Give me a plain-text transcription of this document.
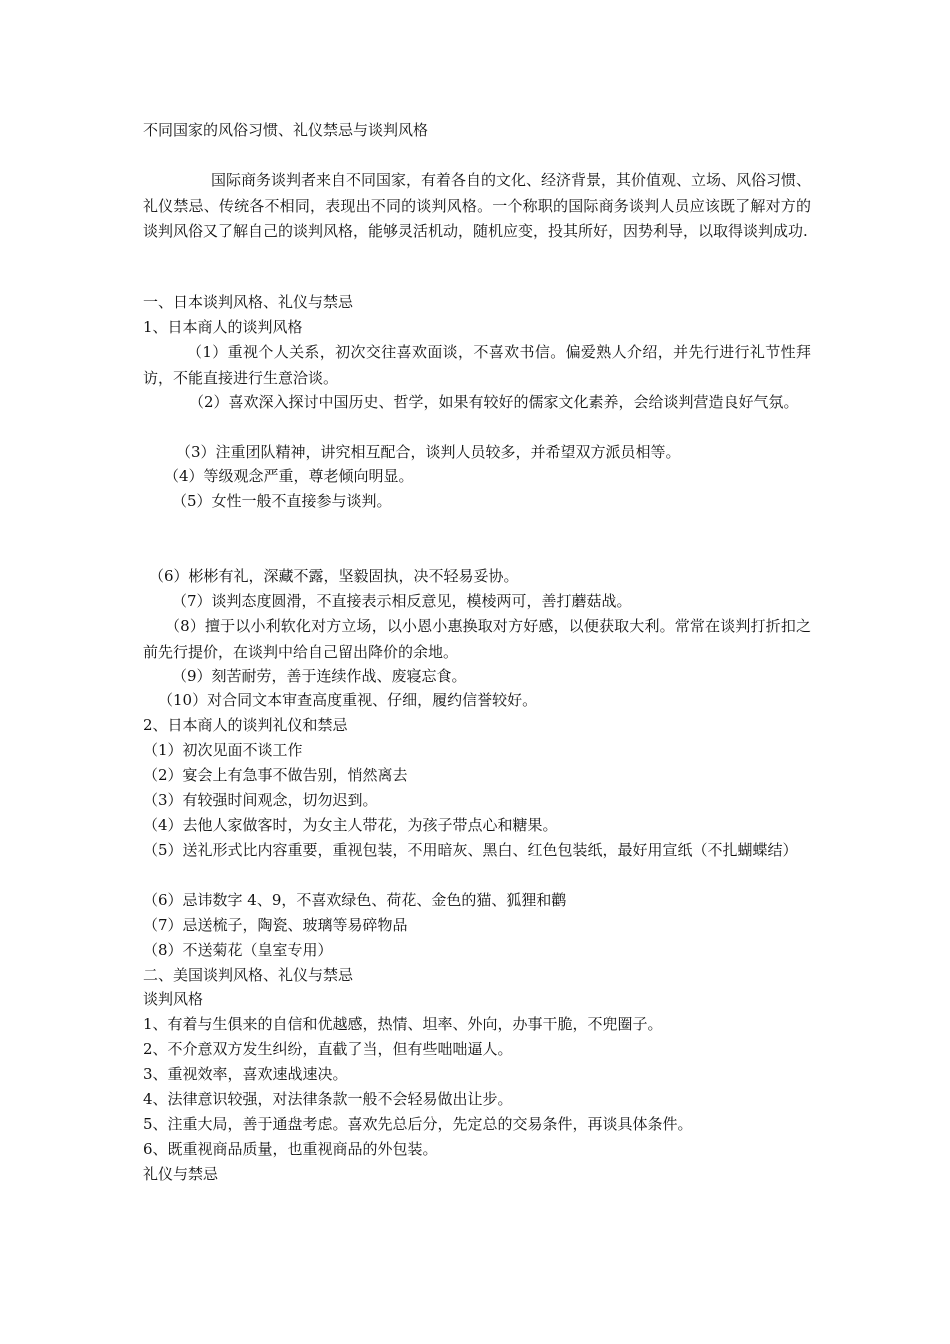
不同国家的风俗习惯、礼仪禁忌与谈判风格
国际商务谈判者来自不同国家，有着各自的文化、经济背景，其价值观、立场、风俗习惯、礼仪禁忌、传统各不相同，表现出不同的谈判风格。一个称职的国际商务谈判人员应该既了解对方的谈判风俗又了解自己的谈判风格，能够灵活机动，随机应变，投其所好，因势利导，以取得谈判成功.
一、日本谈判风格、礼仪与禁忌
1、日本商人的谈判风格
（1）重视个人关系，初次交往喜欢面谈，不喜欢书信。偏爱熟人介绍，并先行进行礼节性拜访，不能直接进行生意洽谈。
（2）喜欢深入探讨中国历史、哲学，如果有较好的儒家文化素养，会给谈判营造良好气氛。
（3）注重团队精神，讲究相互配合，谈判人员较多，并希望双方派员相等。
（4）等级观念严重，尊老倾向明显。
（5）女性一般不直接参与谈判。
（6）彬彬有礼，深藏不露，坚毅固执，决不轻易妥协。
（7）谈判态度圆滑，不直接表示相反意见，模棱两可，善打蘑菇战。
（8）擅于以小利软化对方立场，以小恩小惠换取对方好感，以便获取大利。常常在谈判打折扣之前先行提价，在谈判中给自己留出降价的余地。
（9）刻苦耐劳，善于连续作战、废寝忘食。
（10）对合同文本审查高度重视、仔细，履约信誉较好。
2、日本商人的谈判礼仪和禁忌
（1）初次见面不谈工作
（2）宴会上有急事不做告别，悄然离去
（3）有较强时间观念，切勿迟到。
（4）去他人家做客时，为女主人带花，为孩子带点心和糖果。
（5）送礼形式比内容重要，重视包装，不用暗灰、黑白、红色包装纸，最好用宣纸（不扎蝴蝶结）
（6）忌讳数字 4、9，不喜欢绿色、荷花、金色的猫、狐狸和鹳
（7）忌送梳子，陶瓷、玻璃等易碎物品
（8）不送菊花（皇室专用）
二、美国谈判风格、礼仪与禁忌
谈判风格
1、有着与生俱来的自信和优越感，热情、坦率、外向，办事干脆，不兜圈子。
2、不介意双方发生纠纷，直截了当，但有些咄咄逼人。
3、重视效率，喜欢速战速决。
4、法律意识较强，对法律条款一般不会轻易做出让步。
5、注重大局，善于通盘考虑。喜欢先总后分，先定总的交易条件，再谈具体条件。
6、既重视商品质量，也重视商品的外包装。
礼仪与禁忌
